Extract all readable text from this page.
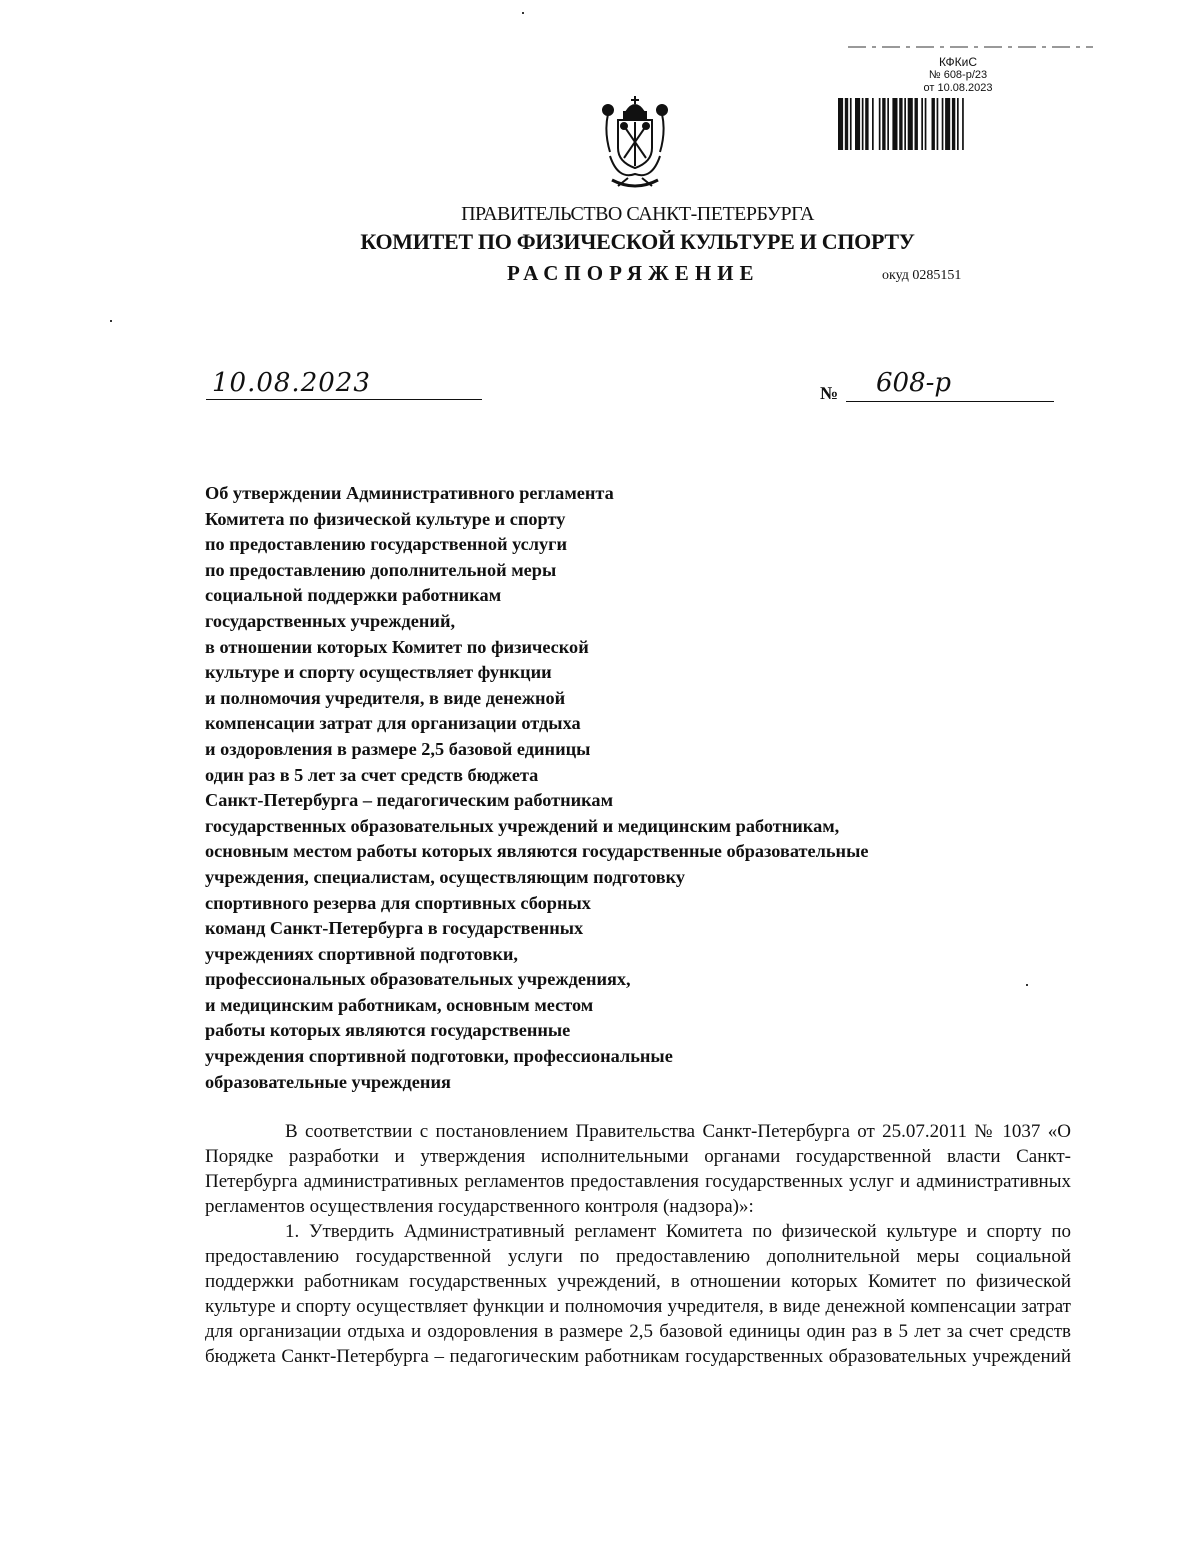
КФКиС
№ 608-р/23
от 10.08.2023
ПРАВИТЕЛЬСТВО САНКТ-ПЕТЕРБУРГА
КОМИТЕТ ПО ФИЗИЧЕСКОЙ КУЛЬТУРЕ И СПОРТУ
РАСПОРЯЖЕНИЕ	окуд 0285151
10.08.2023	№ 608-р
Об утверждении Административного регламента
Комитета по физической культуре и спорту
по предоставлению государственной услуги
по предоставлению дополнительной меры
социальной поддержки работникам
государственных учреждений,
в отношении которых Комитет по физической
культуре и спорту осуществляет функции
и полномочия учредителя, в виде денежной
компенсации затрат для организации отдыха
и оздоровления в размере 2,5 базовой единицы
один раз в 5 лет за счет средств бюджета
Санкт-Петербурга – педагогическим работникам
государственных образовательных учреждений и медицинским работникам,
основным местом работы которых являются государственные образовательные
учреждения, специалистам, осуществляющим подготовку
спортивного резерва для спортивных сборных
команд Санкт-Петербурга в государственных
учреждениях спортивной подготовки,
профессиональных образовательных учреждениях,
и медицинским работникам, основным местом
работы которых являются государственные
учреждения спортивной подготовки, профессиональные
образовательные учреждения

В соответствии с постановлением Правительства Санкт-Петербурга от 25.07.2011 № 1037 «О Порядке разработки и утверждения исполнительными органами государственной власти Санкт-Петербурга административных регламентов предоставления государственных услуг и административных регламентов осуществления государственного контроля (надзора)»:

1. Утвердить Административный регламент Комитета по физической культуре и спорту по предоставлению государственной услуги по предоставлению дополнительной меры социальной поддержки работникам государственных учреждений, в отношении которых Комитет по физической культуре и спорту осуществляет функции и полномочия учредителя, в виде денежной компенсации затрат для организации отдыха и оздоровления в размере 2,5 базовой единицы один раз в 5 лет за счет средств бюджета Санкт-Петербурга – педагогическим работникам государственных образовательных учреждений
